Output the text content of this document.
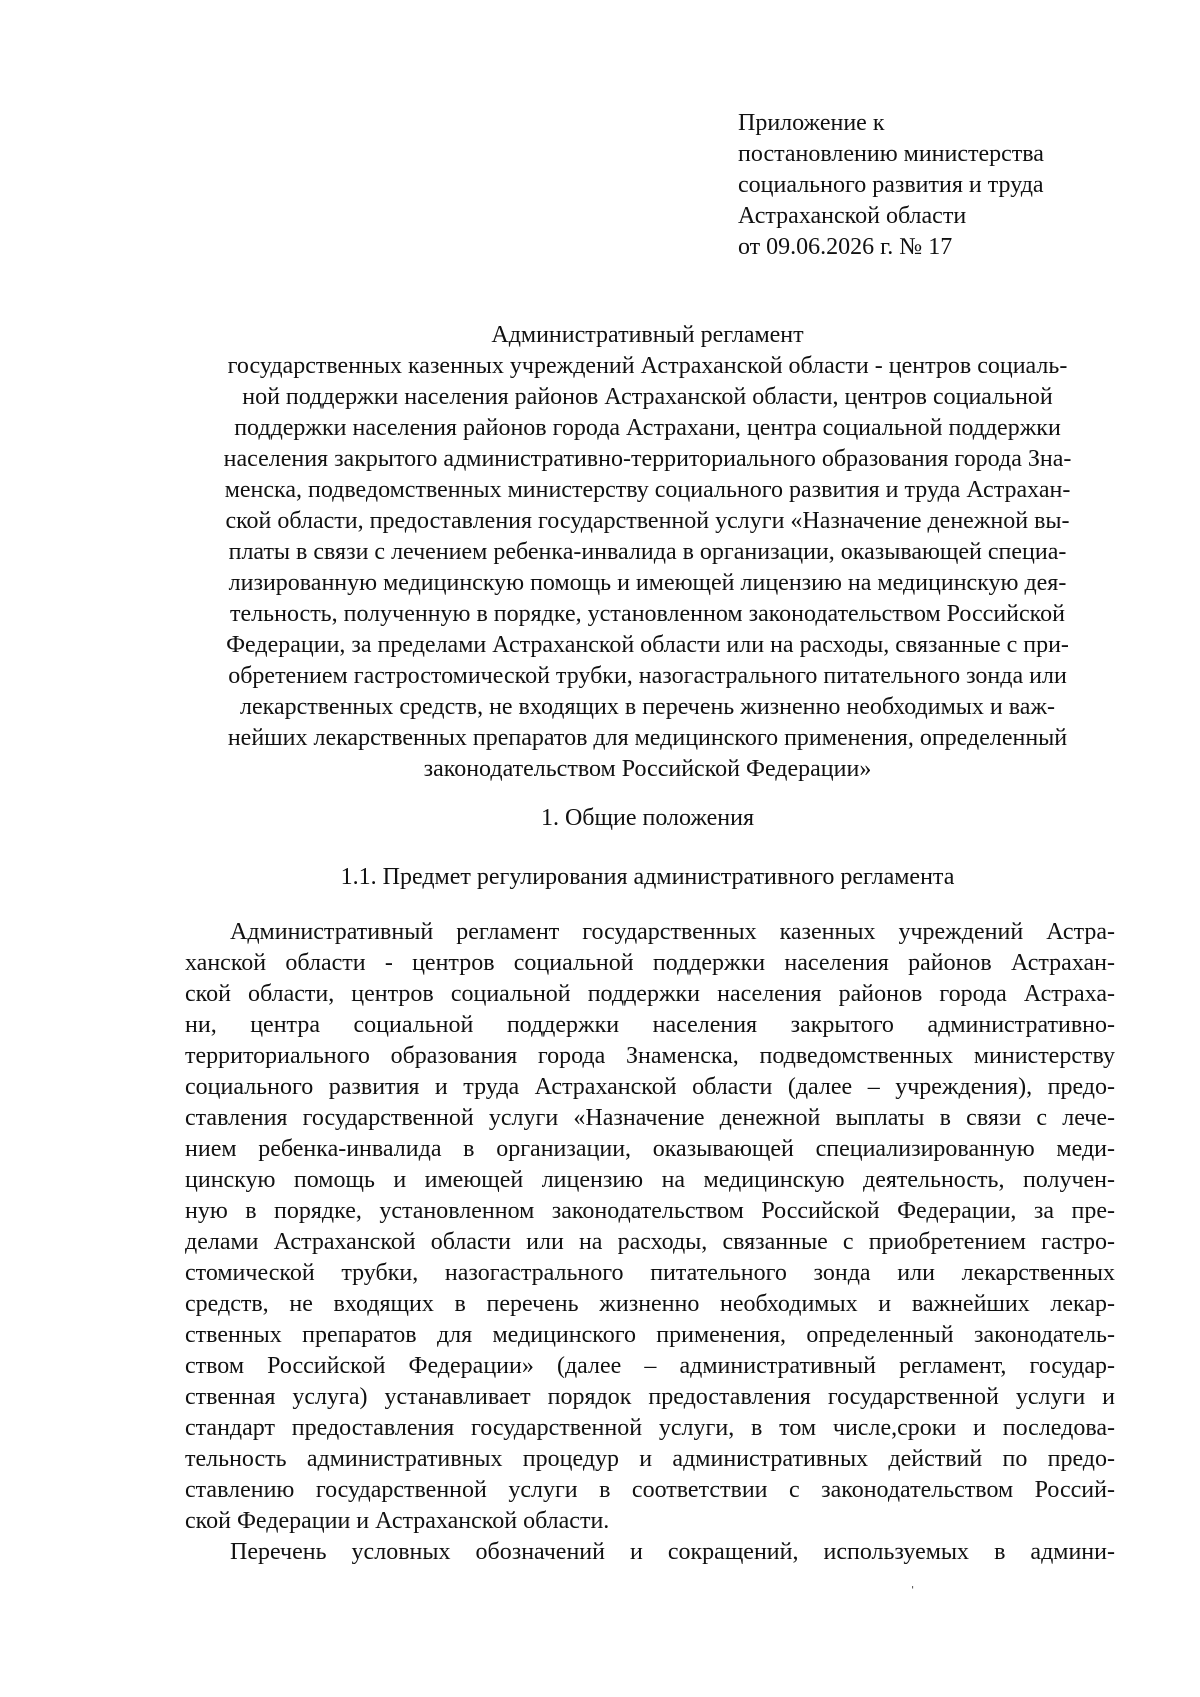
Приложение к
постановлению министерства
социального развития и труда
Астраханской области
от 09.06.2026 г. № 17
Административный регламент
государственных казенных учреждений Астраханской области - центров социаль-
ной поддержки населения районов Астраханской области, центров социальной
поддержки населения районов города Астрахани, центра социальной поддержки
населения закрытого административно-территориального образования города Зна-
менска, подведомственных министерству социального развития и труда Астрахан-
ской области, предоставления государственной услуги «Назначение денежной вы-
платы в связи с лечением ребенка-инвалида в организации, оказывающей специа-
лизированную медицинскую помощь и имеющей лицензию на медицинскую дея-
тельность, полученную в порядке, установленном законодательством Российской
Федерации, за пределами Астраханской области или на расходы, связанные с при-
обретением гастростомической трубки, назогастрального питательного зонда или
лекарственных средств, не входящих в перечень жизненно необходимых и важ-
нейших лекарственных препаратов для медицинского применения, определенный
законодательством Российской Федерации»
1. Общие положения
1.1. Предмет регулирования административного регламента
Административный регламент государственных казенных учреждений Астра-
ханской области - центров социальной поддержки населения районов Астрахан-
ской области, центров социальной поддержки населения районов города Астраха-
ни, центра социальной поддержки населения закрытого административно-
территориального образования города Знаменска, подведомственных министерству
социального развития и труда Астраханской области (далее – учреждения), предо-
ставления государственной услуги «Назначение денежной выплаты в связи с лече-
нием ребенка-инвалида в организации, оказывающей специализированную меди-
цинскую помощь и имеющей лицензию на медицинскую деятельность, получен-
ную в порядке, установленном законодательством Российской Федерации, за пре-
делами Астраханской области или на расходы, связанные с приобретением гастро-
стомической трубки, назогастрального питательного зонда или лекарственных
средств, не входящих в перечень жизненно необходимых и важнейших лекар-
ственных препаратов для медицинского применения, определенный законодатель-
ством Российской Федерации» (далее – административный регламент, государ-
ственная услуга) устанавливает порядок предоставления государственной услуги и
стандарт предоставления государственной услуги, в том числе,сроки и последова-
тельность административных процедур и административных действий по предо-
ставлению государственной услуги в соответствии с законодательством Россий-
ской Федерации и Астраханской области.
Перечень условных обозначений и сокращений, используемых в админи-
ˌ
